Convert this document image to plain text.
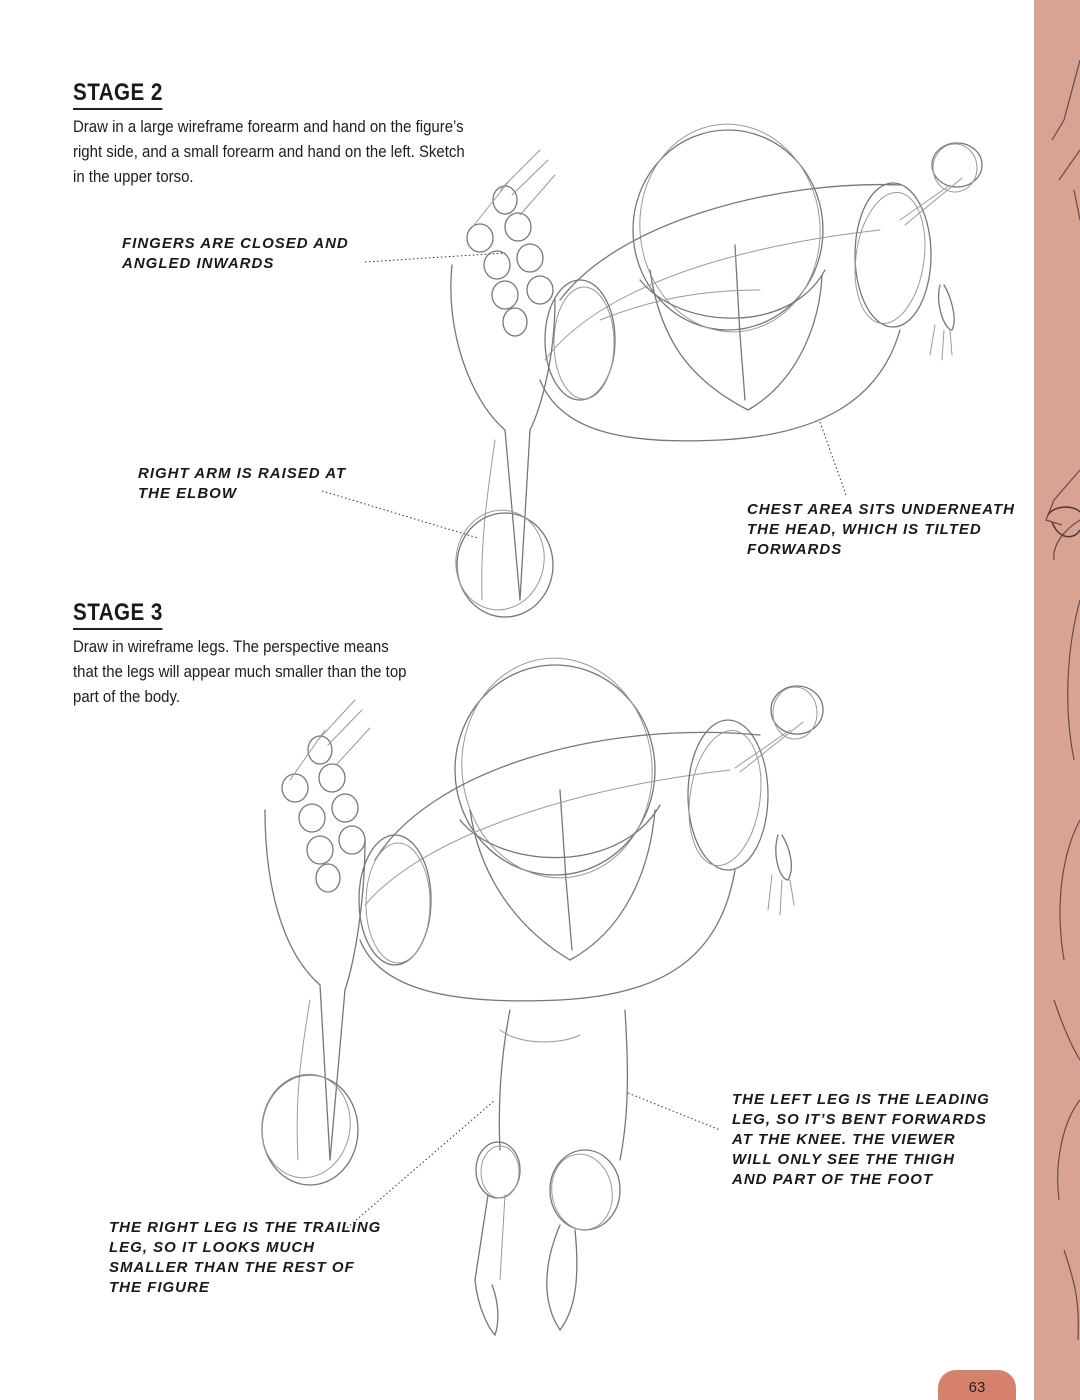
STAGE 2

Draw in a large wireframe forearm and hand on the figure’s right side, and a small forearm and hand on the left. Sketch in the upper torso.

FINGERS ARE CLOSED AND ANGLED INWARDS

RIGHT ARM IS RAISED AT THE ELBOW

CHEST AREA SITS UNDERNEATH THE HEAD, WHICH IS TILTED FORWARDS

STAGE 3

Draw in wireframe legs. The perspective means that the legs will appear much smaller than the top part of the body.

THE LEFT LEG IS THE LEADING LEG, SO IT’S BENT FORWARDS AT THE KNEE. THE VIEWER WILL ONLY SEE THE THIGH AND PART OF THE FOOT

THE RIGHT LEG IS THE TRAILING LEG, SO IT LOOKS MUCH SMALLER THAN THE REST OF THE FIGURE

63
